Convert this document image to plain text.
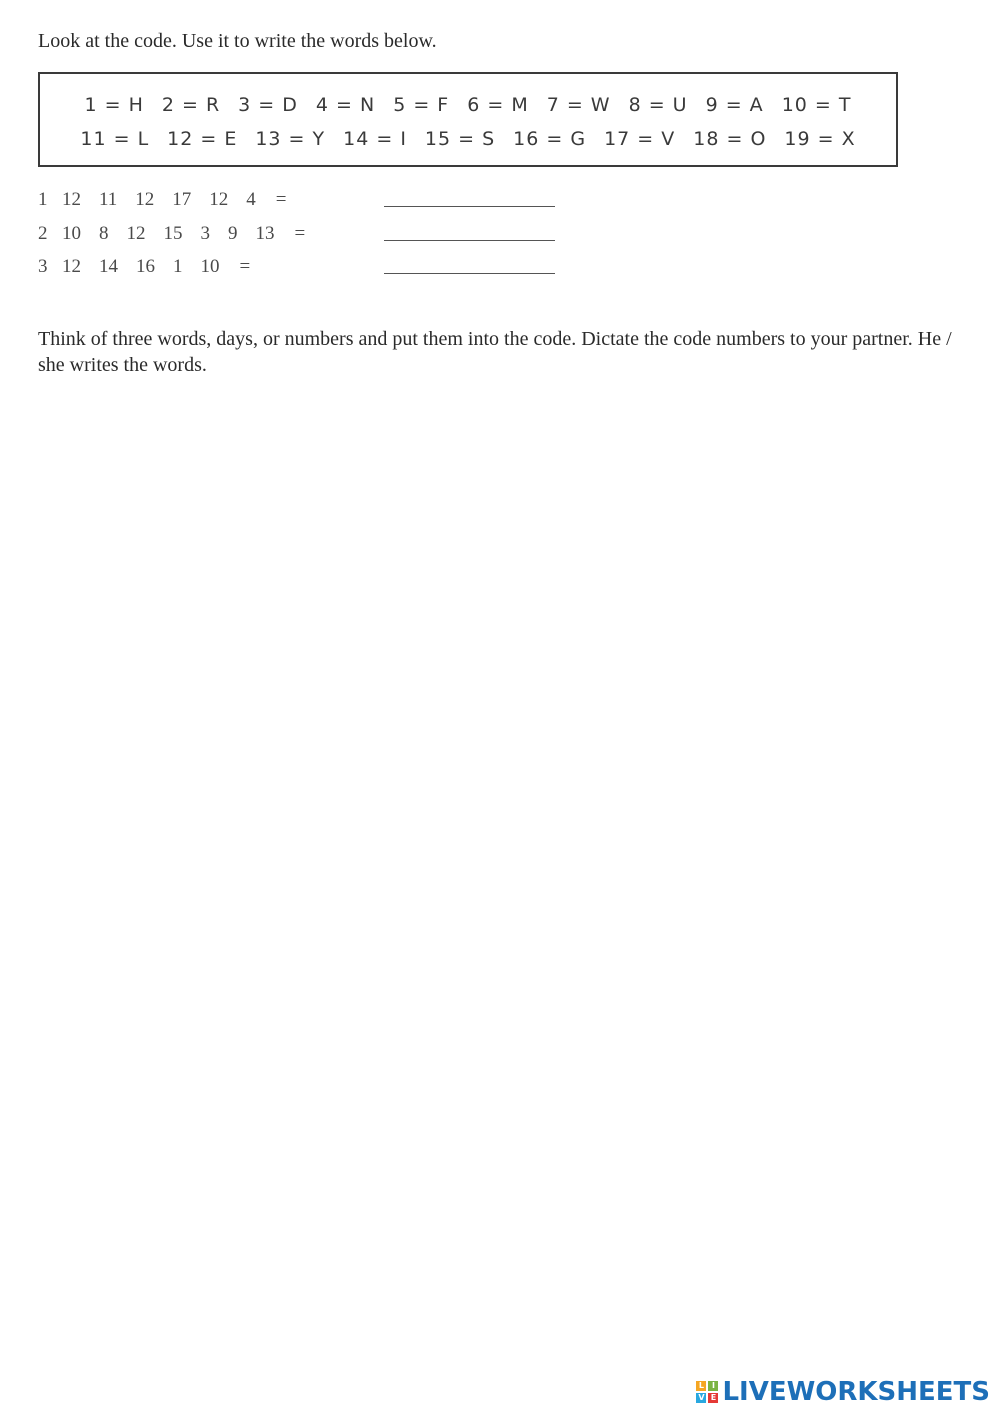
Look at the code. Use it to write the words below.
1 = H 2 = R 3 = D 4 = N 5 = F 6 = M 7 = W 8 = U 9 = A 10 = T
11 = L 12 = E 13 = Y 14 = I 15 = S 16 = G 17 = V 18 = O 19 = X
1 12 11 12 17 12 4 =
2 10 8 12 15 3 9 13 =
3 12 14 16 1 10 =
Think of three words, days, or numbers and put them into the code. Dictate the code numbers to your partner. He / she writes the words.
L I
V E LIVEWORKSHEETS
